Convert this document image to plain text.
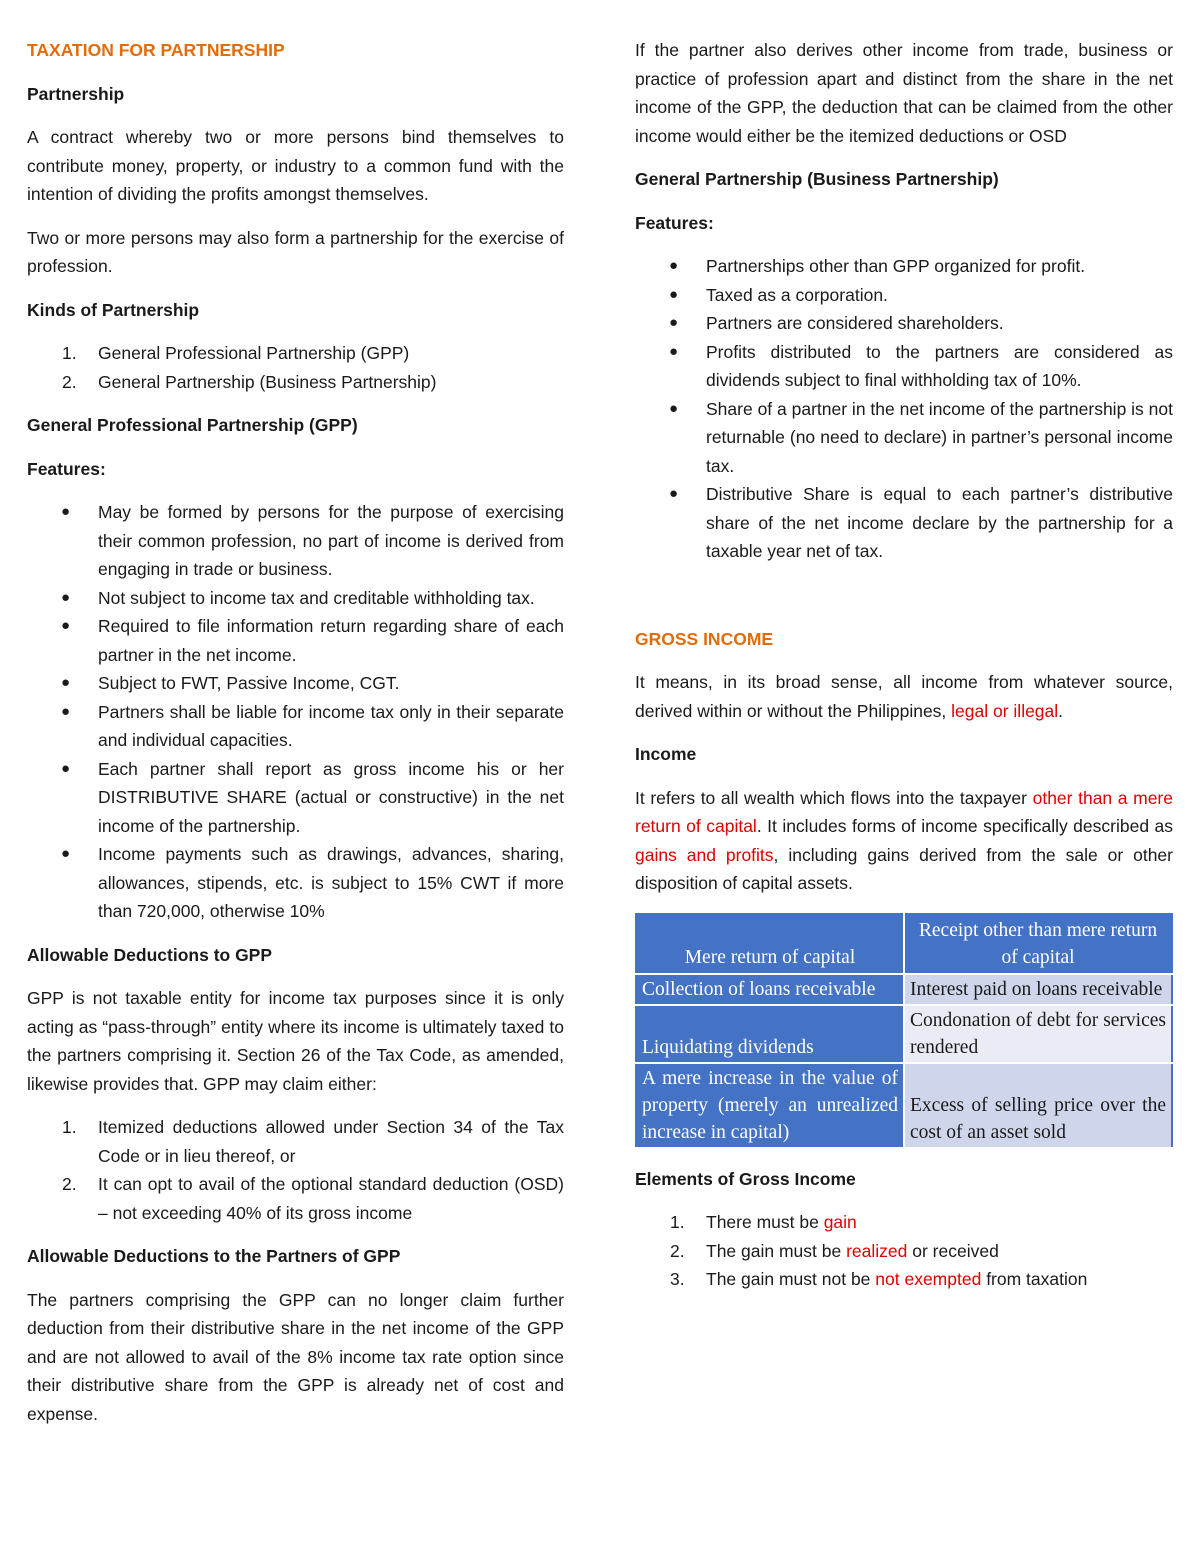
TAXATION FOR PARTNERSHIP
Partnership

A contract whereby two or more persons bind themselves to contribute money, property, or industry to a common fund with the intention of dividing the profits amongst themselves.

Two or more persons may also form a partnership for the exercise of profession.

Kinds of Partnership
1. General Professional Partnership (GPP)
2. General Partnership (Business Partnership)
General Professional Partnership (GPP)
Features:
● May be formed by persons for the purpose of exercising their common profession, no part of income is derived from engaging in trade or business.
● Not subject to income tax and creditable withholding tax.
● Required to file information return regarding share of each partner in the net income.
● Subject to FWT, Passive Income, CGT.
● Partners shall be liable for income tax only in their separate and individual capacities.
● Each partner shall report as gross income his or her DISTRIBUTIVE SHARE (actual or constructive) in the net income of the partnership.
● Income payments such as drawings, advances, sharing, allowances, stipends, etc. is subject to 15% CWT if more than 720,000, otherwise 10%
Allowable Deductions to GPP

GPP is not taxable entity for income tax purposes since it is only acting as “pass-through” entity where its income is ultimately taxed to the partners comprising it. Section 26 of the Tax Code, as amended, likewise provides that. GPP may claim either:

1. Itemized deductions allowed under Section 34 of the Tax Code or in lieu thereof, or
2. It can opt to avail of the optional standard deduction (OSD) – not exceeding 40% of its gross income
Allowable Deductions to the Partners of GPP

The partners comprising the GPP can no longer claim further deduction from their distributive share in the net income of the GPP and are not allowed to avail of the 8% income tax rate option since their distributive share from the GPP is already net of cost and expense.

If the partner also derives other income from trade, business or practice of profession apart and distinct from the share in the net income of the GPP, the deduction that can be claimed from the other income would either be the itemized deductions or OSD

General Partnership (Business Partnership)
Features:
● Partnerships other than GPP organized for profit.
● Taxed as a corporation.
● Partners are considered shareholders.
● Profits distributed to the partners are considered as dividends subject to final withholding tax of 10%.
● Share of a partner in the net income of the partnership is not returnable (no need to declare) in partner’s personal income tax.
● Distributive Share is equal to each partner’s distributive share of the net income declare by the partnership for a taxable year net of tax.
GROSS INCOME

It means, in its broad sense, all income from whatever source, derived within or without the Philippines, legal or illegal.

Income

It refers to all wealth which flows into the taxpayer other than a mere return of capital. It includes forms of income specifically described as gains and profits, including gains derived from the sale or other disposition of capital assets.

Mere return of capital	Receipt other than mere return of capital
Collection of loans receivable	Interest paid on loans receivable
Liquidating dividends	Condonation of debt for services rendered
A mere increase in the value of property (merely an unrealized increase in capital)	Excess of selling price over the cost of an asset sold
Elements of Gross Income
1. There must be gain
2. The gain must be realized or received
3. The gain must not be not exempted from taxation
